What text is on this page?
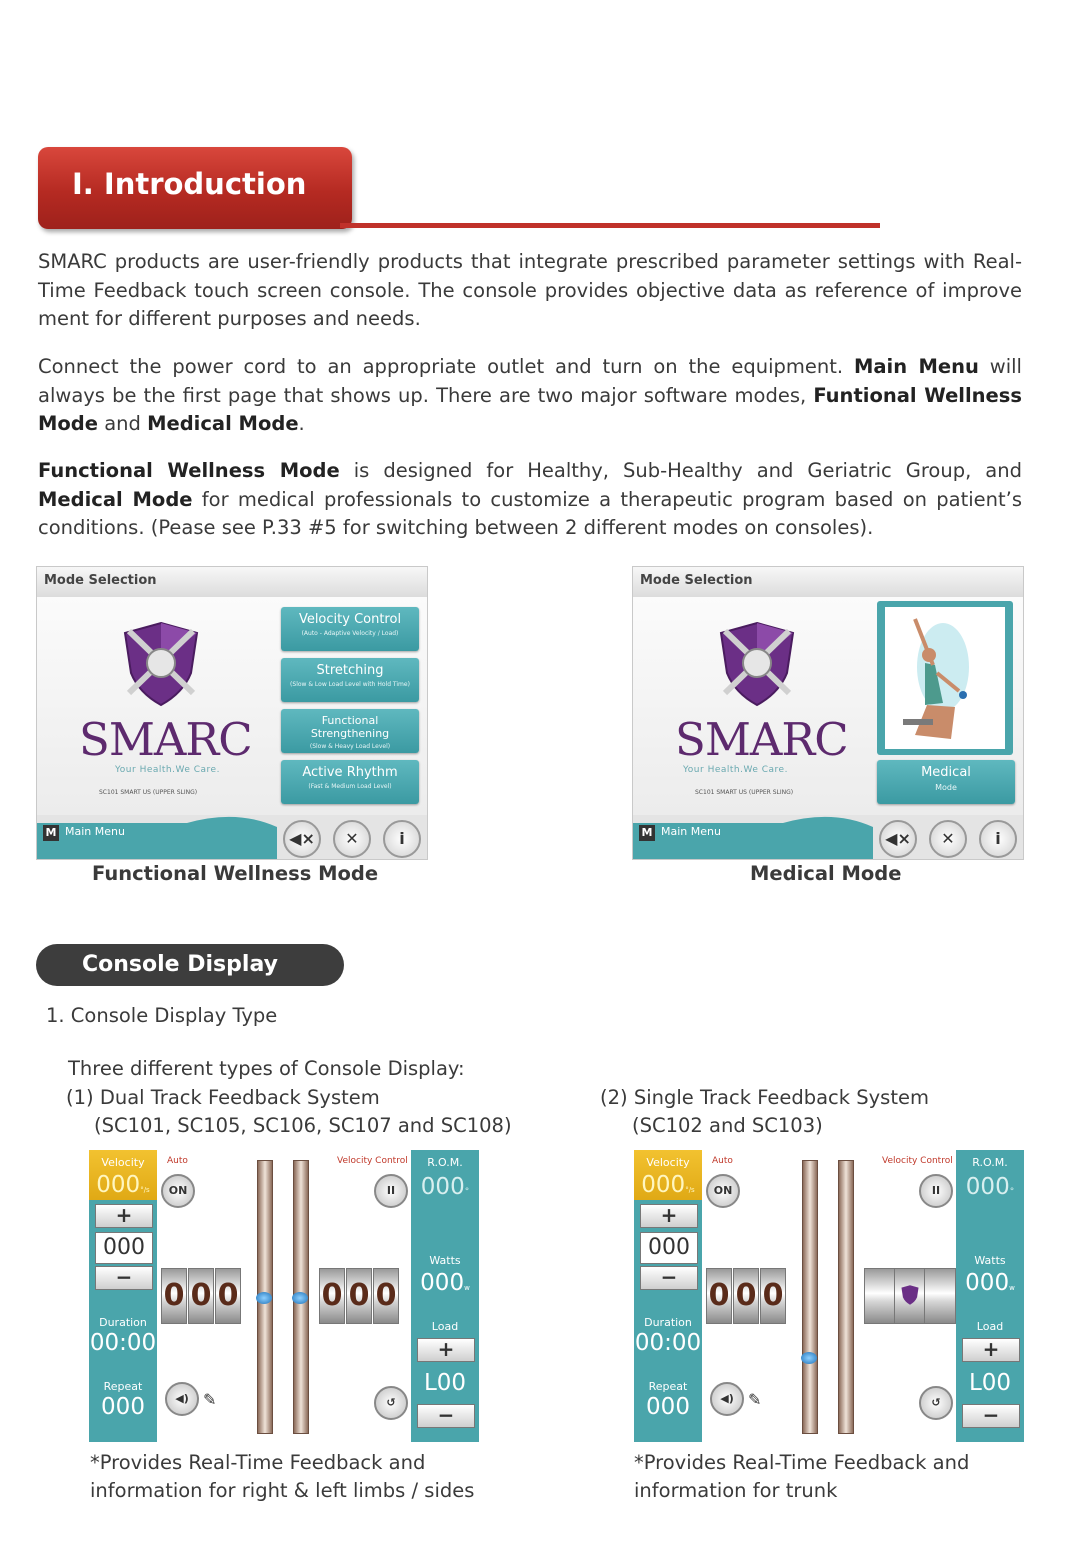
I. Introduction
SMARC products are user-friendly products that integrate prescribed parameter settings with Real-Time Feedback touch screen console. The console provides objective data as reference of improve ment for different purposes and needs.
Connect the power cord to an appropriate outlet and turn on the equipment. Main Menu will always be the first page that shows up. There are two major software modes, Funtional Wellness Mode and Medical Mode.
Functional Wellness Mode is designed for Healthy, Sub-Healthy and Geriatric Group, and Medical Mode for medical professionals to customize a therapeutic program based on patient’s conditions. (Pease see P.33 #5 for switching between 2 different modes on consoles).
Mode Selection
SMARC
Your Health.We Care.
SC101 SMART US (UPPER SLING)
Velocity Control
(Auto - Adaptive Velocity / Load)
Stretching
(Slow & Low Load Level with Hold Time)
Functional Strengthening
(Slow & Heavy Load Level)
Active Rhythm
(Fast & Medium Load Level)
M Main Menu	◀×	✕	i
Functional Wellness Mode
Mode Selection
SMARC
Your Health.We Care.
SC101 SMART US (UPPER SLING)
Medical
Mode
M Main Menu	◀×	✕	i
Medical Mode
Console Display
1. Console Display Type
Three different types of Console Display:
(1) Dual Track Feedback System
(SC101, SC105, SC106, SC107 and SC108)
(2) Single Track Feedback System
(SC102 and SC103)
Velocity
000°/s
+
000
−
Duration
00:00
Repeat
000
Auto
ON
Velocity Control
II
0 0 0	0 0 0
◀) ✎	↺
R.O.M.
000°
Watts
000w
Load
+
L00
−
Velocity
000°/s
+
000
−
Duration
00:00
Repeat
000
Auto
ON
Velocity Control
II
0 0 0
◀) ✎	↺
R.O.M.
000°
Watts
000w
Load
+
L00
−
*Provides Real-Time Feedback and
information for right & left limbs / sides
*Provides Real-Time Feedback and
information for trunk
